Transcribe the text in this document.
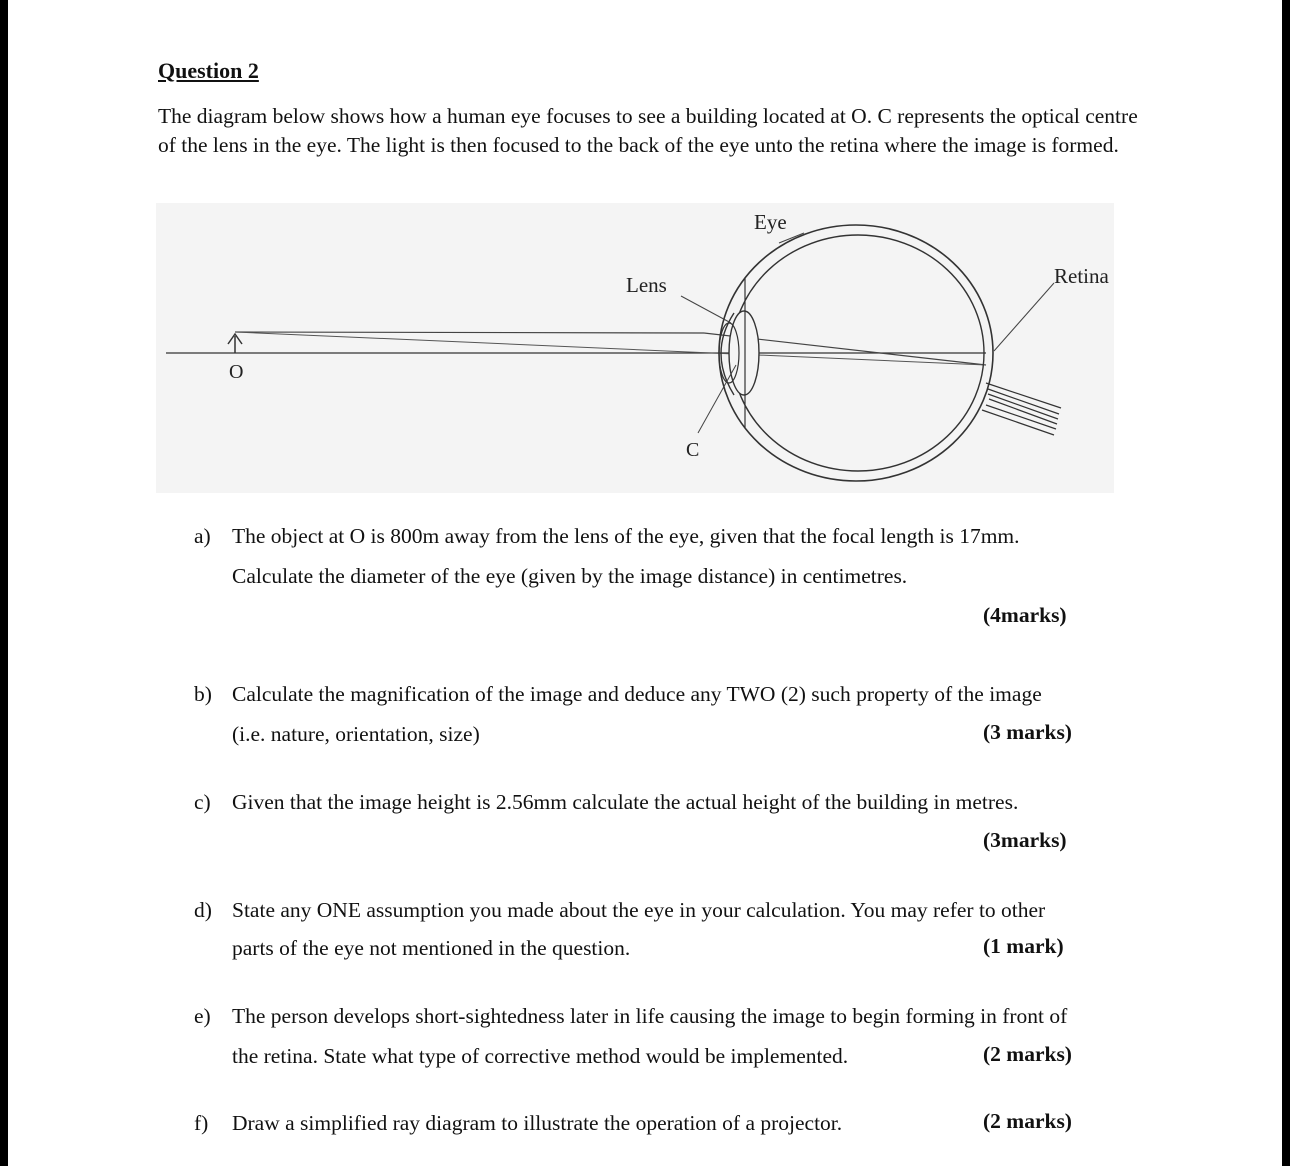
Question 2
The diagram below shows how a human eye focuses to see a building located at O. C represents the optical centre of the lens in the eye. The light is then focused to the back of the eye unto the retina where the image is formed.
O
Eye
Lens	Retina
C
a) The object at O is 800m away from the lens of the eye, given that the focal length is 17mm.
Calculate the diameter of the eye (given by the image distance) in centimetres.
(4marks)
b) Calculate the magnification of the image and deduce any TWO (2) such property of the image
(i.e. nature, orientation, size)	(3 marks)
c) Given that the image height is 2.56mm calculate the actual height of the building in metres.
(3marks)
d) State any ONE assumption you made about the eye in your calculation. You may refer to other
parts of the eye not mentioned in the question.	(1 mark)
e) The person develops short-sightedness later in life causing the image to begin forming in front of
the retina. State what type of corrective method would be implemented.	(2 marks)
f) Draw a simplified ray diagram to illustrate the operation of a projector.	(2 marks)
